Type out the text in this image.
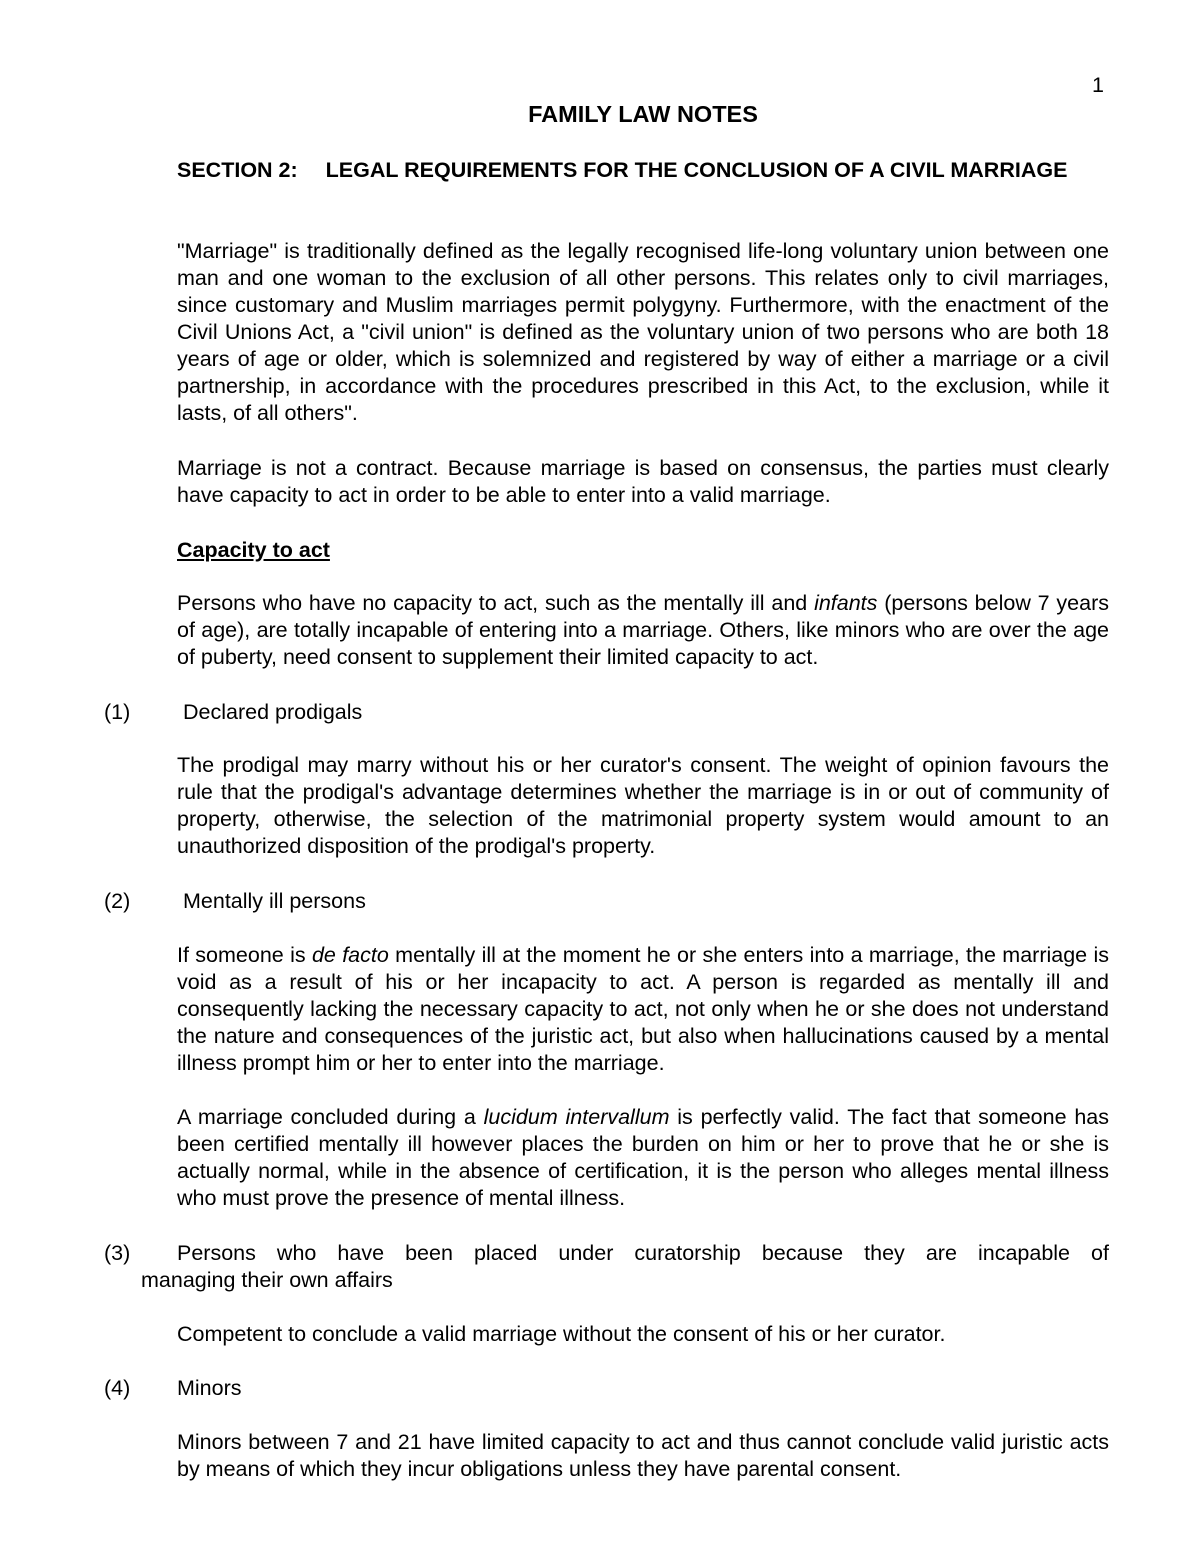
1
FAMILY LAW NOTES
SECTION 2: LEGAL REQUIREMENTS FOR THE CONCLUSION OF A CIVIL MARRIAGE
"Marriage" is traditionally defined as the legally recognised life-long voluntary union between one man and one woman to the exclusion of all other persons. This relates only to civil marriages, since customary and Muslim marriages permit polygyny. Furthermore, with the enactment of the Civil Unions Act, a "civil union" is defined as the voluntary union of two persons who are both 18 years of age or older, which is solemnized and registered by way of either a marriage or a civil partnership, in accordance with the procedures prescribed in this Act, to the exclusion, while it lasts, of all others".
Marriage is not a contract. Because marriage is based on consensus, the parties must clearly have capacity to act in order to be able to enter into a valid marriage.
Capacity to act
Persons who have no capacity to act, such as the mentally ill and infants (persons below 7 years of age), are totally incapable of entering into a marriage. Others, like minors who are over the age of puberty, need consent to supplement their limited capacity to act.
(1) Declared prodigals
The prodigal may marry without his or her curator's consent. The weight of opinion favours the rule that the prodigal's advantage determines whether the marriage is in or out of community of property, otherwise, the selection of the matrimonial property system would amount to an unauthorized disposition of the prodigal's property.
(2) Mentally ill persons
If someone is de facto mentally ill at the moment he or she enters into a marriage, the marriage is void as a result of his or her incapacity to act. A person is regarded as mentally ill and consequently lacking the necessary capacity to act, not only when he or she does not understand the nature and consequences of the juristic act, but also when hallucinations caused by a mental illness prompt him or her to enter into the marriage.
A marriage concluded during a lucidum intervallum is perfectly valid. The fact that someone has been certified mentally ill however places the burden on him or her to prove that he or she is actually normal, while in the absence of certification, it is the person who alleges mental illness who must prove the presence of mental illness.
(3) Persons who have been placed under curatorship because they are incapable of
managing their own affairs
Competent to conclude a valid marriage without the consent of his or her curator.
(4) Minors
Minors between 7 and 21 have limited capacity to act and thus cannot conclude valid juristic acts by means of which they incur obligations unless they have parental consent.
